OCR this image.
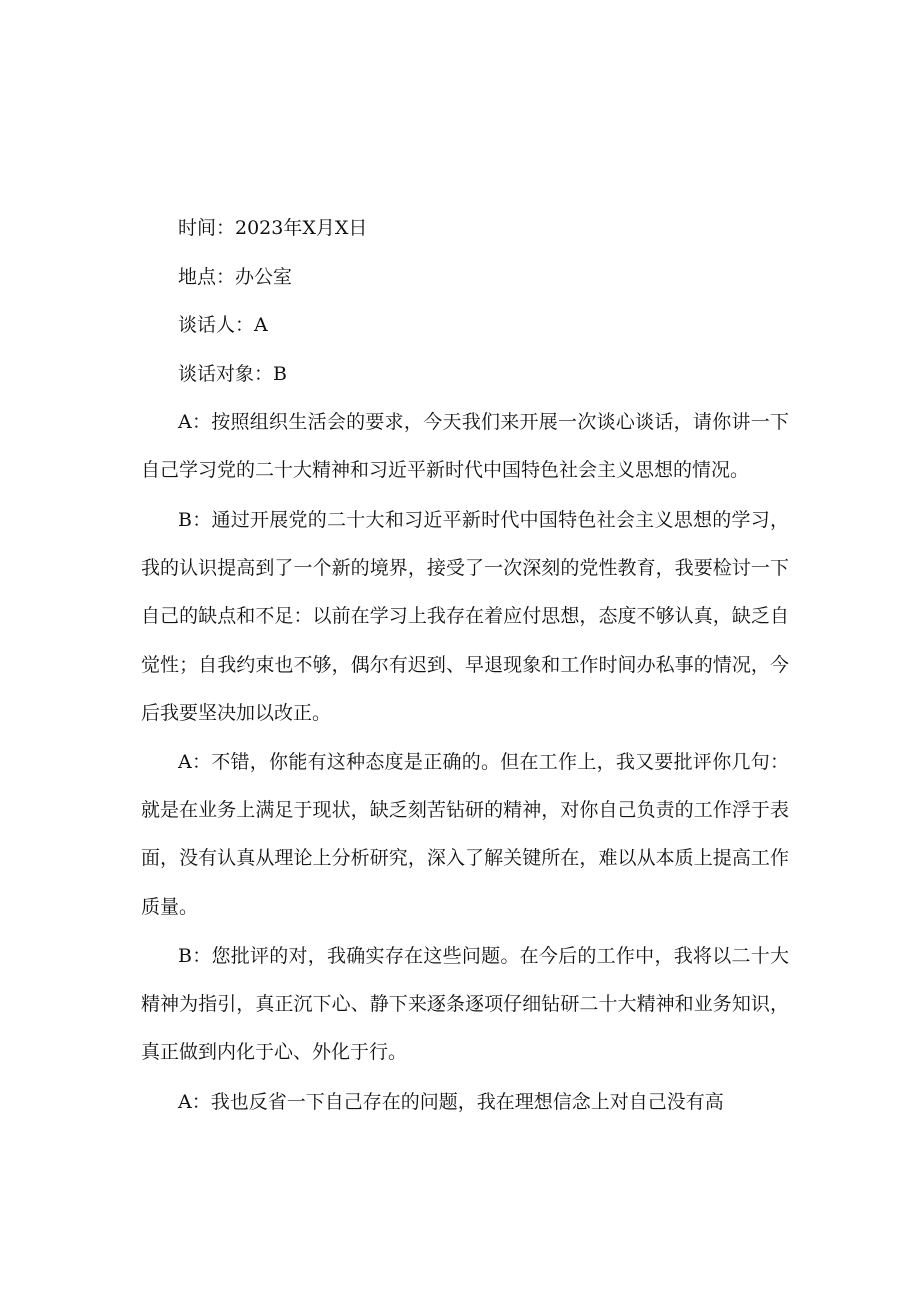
时间：2023年X月X日
地点：办公室
谈话人：A
谈话对象：B

A：按照组织生活会的要求，今天我们来开展一次谈心谈话，请你讲一下自己学习党的二十大精神和习近平新时代中国特色社会主义思想的情况。

B：通过开展党的二十大和习近平新时代中国特色社会主义思想的学习，我的认识提高到了一个新的境界，接受了一次深刻的党性教育，我要检讨一下自己的缺点和不足：以前在学习上我存在着应付思想，态度不够认真，缺乏自觉性；自我约束也不够，偶尔有迟到、早退现象和工作时间办私事的情况，今后我要坚决加以改正。

A：不错，你能有这种态度是正确的。但在工作上，我又要批评你几句：就是在业务上满足于现状，缺乏刻苦钻研的精神，对你自己负责的工作浮于表面，没有认真从理论上分析研究，深入了解关键所在，难以从本质上提高工作质量。

B：您批评的对，我确实存在这些问题。在今后的工作中，我将以二十大精神为指引，真正沉下心、静下来逐条逐项仔细钻研二十大精神和业务知识，真正做到内化于心、外化于行。

A：我也反省一下自己存在的问题，我在理想信念上对自己没有高
